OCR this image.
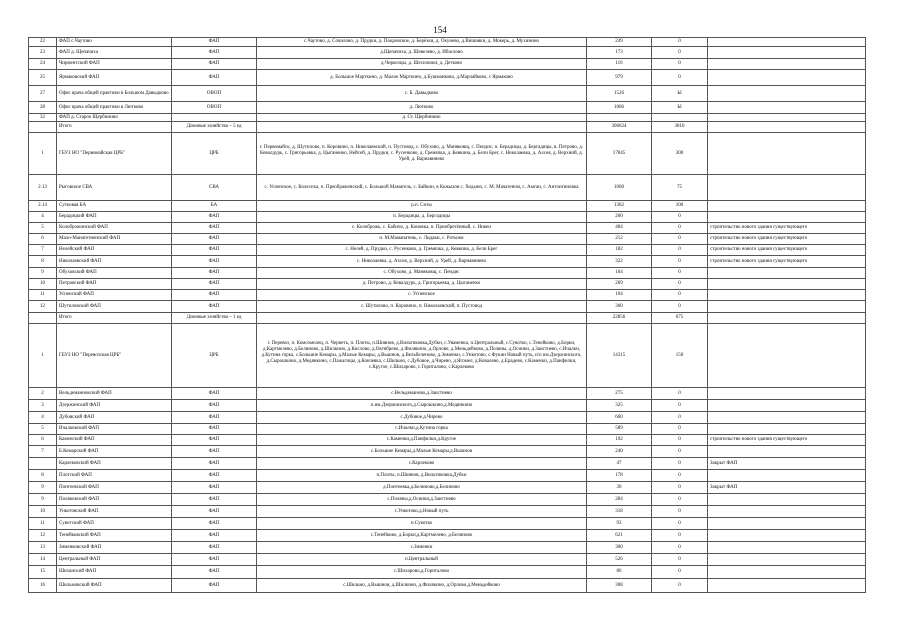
154
22	ФАП с.Чаутово	ФАП	с.Чаутово, д. Сочилово, д. Прудки, д. Покровское, д. Берёзки, д. Окунево, д.Вишняки, д. Мокерь, д. Мухинино	249	0	
23	ФАП д. Щепачиха	ФАП	д.Щепачиха, д. Шевелево, д. Ибаслово	173	0	
24	Чирментский ФАП	ФАП	д.Чиркозцы, д. Шесилюки, д. Детково	116	0	
25	Ярмаковский ФАП	ФАП	д. Большое Марткино, д. Малое Марткино, д.Бушманково, д.Марчайково, с Ярмаково	979	0	
27	Офис врача общей практики в Большом Давыдково	ОВОП	с. Б. Давыдково	1526	Ы	
28	Офис врача общей практики в Лютково	ОВОП	д. Лютково	1066	Ы	
32	ФАП д. Старое Щербинино		д. Ст. Щербинино			
	Итого	Домовые хозяйства – 5 ед		306624	3810	
1	ГБУЗ НО "Первомайская ЦРБ"	ЦРБ	г. Первомайск, д. Шутилово, п. Коровино, п. Николаевский, п. Пустовод, с. Обухово, д. Маняковщ, с. Пендис, п. Берадицы, д. Бергадицы, в. Петрово, д. Кевалдурь, с. Григорьевка, д. Цыганенко, Нейсей, д. Прудки, с. Русенково, д. Гремячка, д. Кевкина, д. Бели Брег, с. Николаевка, д. Ахсея, д. Верхний, д. Урей, д. Варнавинево	17845	300	
2.13	Рыговское СВА	СВА	с. Успенское, с. Колесиха, п. Преображенский, с. Большой Маматель, с. Байкин, в Кожыхов с. Ходыно, с. М. Мачатеном, с. Амган, с. Антонгиновка	1060	75	
2.14	Сутковая БА	БА	р.п. Ситы	1362	100	
4	Берадицкий ФАП	ФАП	п. Берадицы, д. Бергадицы	260	0	
5	Колоброжинский ФАП	ФАП	с. Колоброжь, с. Бабичо, д. Коновка, п. Приобретённый, с. Никеи	484	0	строительство нового здания существующего
6	Мало-Манатетненский ФАП	ФАП	п. М.Маманатень, с. Лидаки, с. Ротыжи	212	0	строительство нового здания существующего
7	Нелейский ФАП	ФАП	с. Нелей, д. Прудки, с. Русенково, д. Гремячка, д. Кевкина, д. Бели Брег	182	0	строительство нового здания существующего
8	Николаевский ФАП	ФАП	с. Николаевка, д. Ахсея, д. Верхний, д. Урей, д. Варнавинево	322	0	строительство нового здания существующего
9	Обуховский ФАП	ФАП	с. Обухово, д. Маняковщ, с. Пендис	164	0	
10	Петровский ФАП	ФАП	д. Петрово, д. Кевалдурь, д. Григорьевка, д. Цыганенко	269	0	
11	Успенский ФАП	ФАП	с. Успенское	104	0	
12	Шутиловский ФАП	ФАП	с. Шутилово, п. Коровино, п. Николаевский, п. Пустовод	360	0	
	Итого	Домовые хозяйства – 1 ед		22856	675	
1	ГБУЗ НО "Перевозская ЦРБ"	ЦРБ	г. Перевоз, п. Комсомолец, п. Чернеть, п. Плоты, п.Шиянов, д.Вильтиковка,Дубки, с.Уваменкa, п.Центральный, с.Сувотко, с.Тенейково, д.Борки, д.Картмелево, д.Белиново, д.Шилкино, д.Кислово, д.Октябрево, д.Филякино, д.Орлово, д.Меньдейково, д.Поляны, д.Осинки, д.Заистиево, с.Ичалки, д.Кутина горка, с.Большие Кемары, д.Малые Кемары, д.Вышнов, д.Вельбеленово, д.Зименки, с.Ункотово, с.Фукин Новый путь, п/о им.Дзержинского, д.Сырошкино, д.Медянкино, с.Пажагицы, д.Кокчевка, с.Шильмо, с.Дубовое, д.Чирево, д.Ягомел, д.Ковалево, д.Ерадево, с.Каменки, д.Панфилки, с.Кругое, с.Шихарово, с.Гориталово, с.Карлеково	14315	150	
2	Вельдеманновский ФАП	ФАП	с.Вельдеманово,д.Заистиево	275	0	
3	Дзержинский ФАП	ФАП	п.им.Дзержинского,д.Сырошкино,д.Медянкино	325	0	
4	Дубовский ФАП	ФАП	с.Дубовое,д.Чирево	660	0	
5	Ичалковский ФАП	ФАП	с.Ичалки,д.Кутина горка	589	0	
6	Каменский ФАП	ФАП	с.Каменки,д.Панфилки,д.Кругое	192	0	строительство нового здания существующего
7	Б.Кемарский ФАП	ФАП	с.Большие Кемары,д.Малые Кемары,д.Вышнов	240	0	
	Карлековский ФАП	ФАП	с.Карлеково	47	0	Закрыт ФАП
8	Плотский ФАП	ФАП	п.Плоты, п.Шиянов, д.Вильтиковка,Дубки	178	0	
9	Понтеевский ФАП	ФАП	д.Понтеевка,д.Белиново,д.Белиново	30	0	Закрыт ФАП
9	Поляковский ФАП	ФАП	с.Поляны,д.Осинки,д.Заистиево	284	0	
10	Ункотовский ФАП	ФАП	с.Ункотово,д.Новый путь	318	0	
11	Сувотский ФАП	ФАП	п.Сувотко	93	0	
12	Тенейковский ФАП	ФАП	с.Тенейково, д.Борки,д.Картмелево, д.Белиново	621	0	
13	Зименковский ФАП	ФАП	с.Зименки	300	0	
14	Центральный ФАП	ФАП	п.Центральный	526	0	
15	Шиханский ФАП	ФАП	с.Шихарово,д.Гориталово	86	0	
16	Шильмовский ФАП	ФАП	с.Шильмо, д.Вышнов, д.Шилкино, д.Филякино, д.Орлово,д.Меньдейково	308	0	
